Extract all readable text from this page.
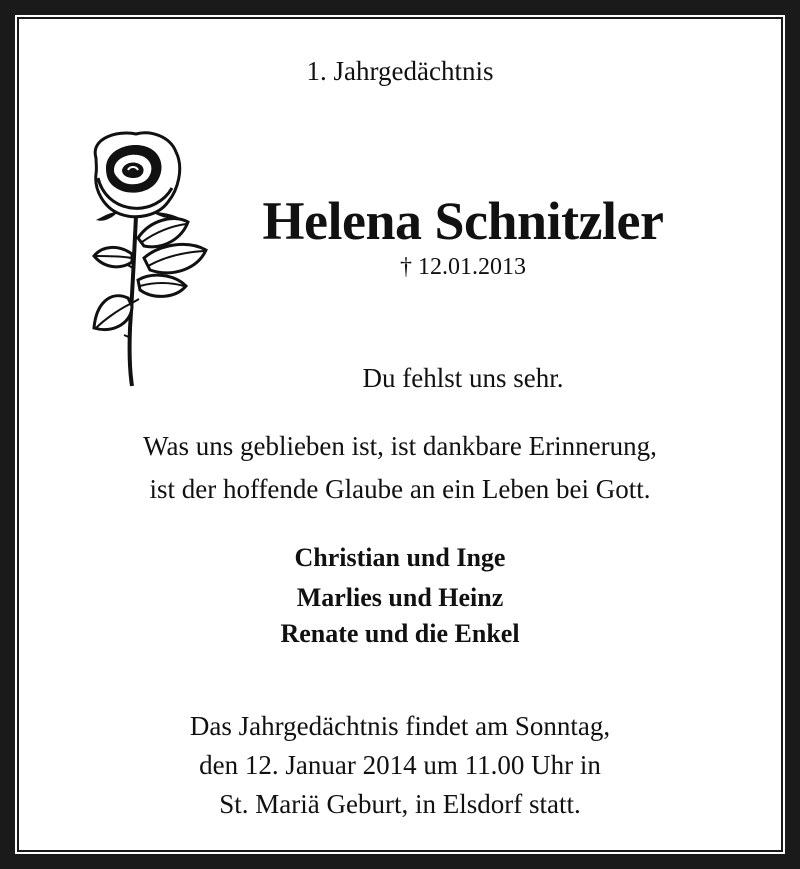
1. Jahrgedächtnis
Helena Schnitzler
† 12.01.2013
Du fehlst uns sehr.
Was uns geblieben ist, ist dankbare Erinnerung,
ist der hoffende Glaube an ein Leben bei Gott.
Christian und Inge
Marlies und Heinz
Renate und die Enkel
Das Jahrgedächtnis findet am Sonntag,
den 12. Januar 2014 um 11.00 Uhr in
St. Mariä Geburt, in Elsdorf statt.
